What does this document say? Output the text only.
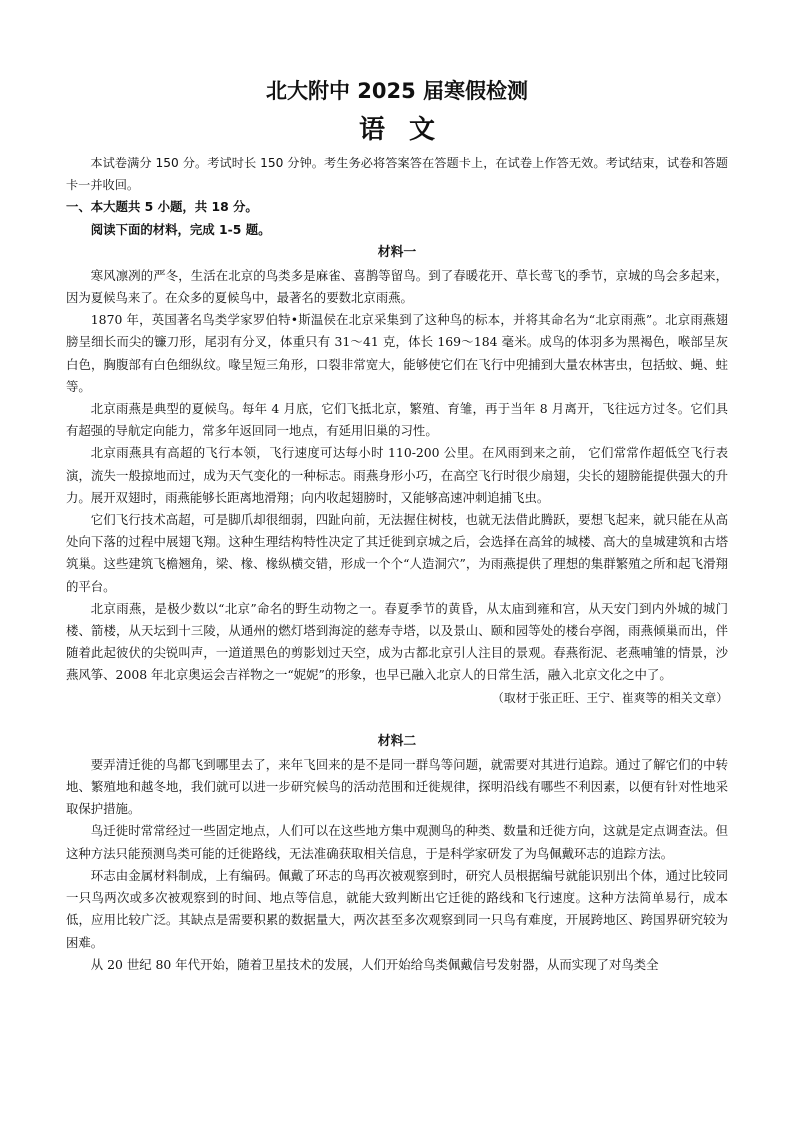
北大附中 2025 届寒假检测
语文

本试卷满分 150 分。考试时长 150 分钟。考生务必将答案答在答题卡上，在试卷上作答无效。考试结束，试卷和答题卡一并收回。

一、本大题共 5 小题，共 18 分。

阅读下面的材料，完成 1-5 题。

材料一

寒风凛冽的严冬，生活在北京的鸟类多是麻雀、喜鹊等留鸟。到了春暖花开、草长莺飞的季节，京城的鸟会多起来，因为夏候鸟来了。在众多的夏候鸟中，最著名的要数北京雨燕。

1870 年，英国著名鸟类学家罗伯特•斯温侯在北京采集到了这种鸟的标本，并将其命名为“北京雨燕”。北京雨燕翅膀呈细长而尖的镰刀形，尾羽有分叉，体重只有 31～41 克，体长 169～184 毫米。成鸟的体羽多为黑褐色，喉部呈灰白色，胸腹部有白色细纵纹。喙呈短三角形，口裂非常宽大，能够使它们在飞行中兜捕到大量农林害虫，包括蚊、蝇、蛀等。

北京雨燕是典型的夏候鸟。每年 4 月底，它们飞抵北京，繁殖、育雏，再于当年 8 月离开，飞往远方过冬。它们具有超强的导航定向能力，常多年返回同一地点，有延用旧巢的习性。

北京雨燕具有高超的飞行本领，飞行速度可达每小时 110-200 公里。在风雨到来之前， 它们常常作超低空飞行表演，流失一般掠地而过，成为天气变化的一种标志。雨燕身形小巧，在高空飞行时很少扇翅，尖长的翅膀能提供强大的升力。展开双翅时，雨燕能够长距离地滑翔；向内收起翅膀时，又能够高速冲刺追捕飞虫。

它们飞行技术高超，可是脚爪却很细弱，四趾向前，无法握住树枝，也就无法借此腾跃，要想飞起来，就只能在从高处向下落的过程中展翅飞翔。这种生理结构特性决定了其迁徙到京城之后，会选择在高耸的城楼、高大的皇城建筑和古塔筑巢。这些建筑飞檐翘角，梁、椽、椽纵横交错，形成一个个“人造洞穴”，为雨燕提供了理想的集群繁殖之所和起飞滑翔的平台。

北京雨燕，是极少数以“北京”命名的野生动物之一。春夏季节的黄昏，从太庙到雍和宫，从天安门到内外城的城门楼、箭楼，从天坛到十三陵，从通州的燃灯塔到海淀的慈寿寺塔，以及景山、颐和园等处的楼台亭阁，雨燕倾巢而出，伴随着此起彼伏的尖锐叫声，一道道黑色的剪影划过天空，成为古都北京引人注目的景观。春燕衔泥、老燕哺雏的情景，沙燕风筝、2008 年北京奥运会吉祥物之一“妮妮”的形象，也早已融入北京人的日常生活，融入北京文化之中了。

（取材于张正旺、王宁、崔爽等的相关文章）

材料二

要弄清迁徙的鸟都飞到哪里去了，来年飞回来的是不是同一群鸟等问题，就需要对其进行追踪。通过了解它们的中转地、繁殖地和越冬地，我们就可以进一步研究候鸟的活动范围和迁徙规律，探明沿线有哪些不利因素，以便有针对性地采取保护措施。

鸟迁徙时常常经过一些固定地点，人们可以在这些地方集中观测鸟的种类、数量和迁徙方向，这就是定点调查法。但这种方法只能预测鸟类可能的迁徙路线，无法准确获取相关信息，于是科学家研发了为鸟佩戴环志的追踪方法。

环志由金属材料制成，上有编码。佩戴了环志的鸟再次被观察到时，研究人员根据编号就能识别出个体，通过比较同一只鸟两次或多次被观察到的时间、地点等信息，就能大致判断出它迁徙的路线和飞行速度。这种方法简单易行，成本低，应用比较广泛。其缺点是需要积累的数据量大，两次甚至多次观察到同一只鸟有难度，开展跨地区、跨国界研究较为困难。

从 20 世纪 80 年代开始，随着卫星技术的发展，人们开始给鸟类佩戴信号发射器，从而实现了对鸟类全
